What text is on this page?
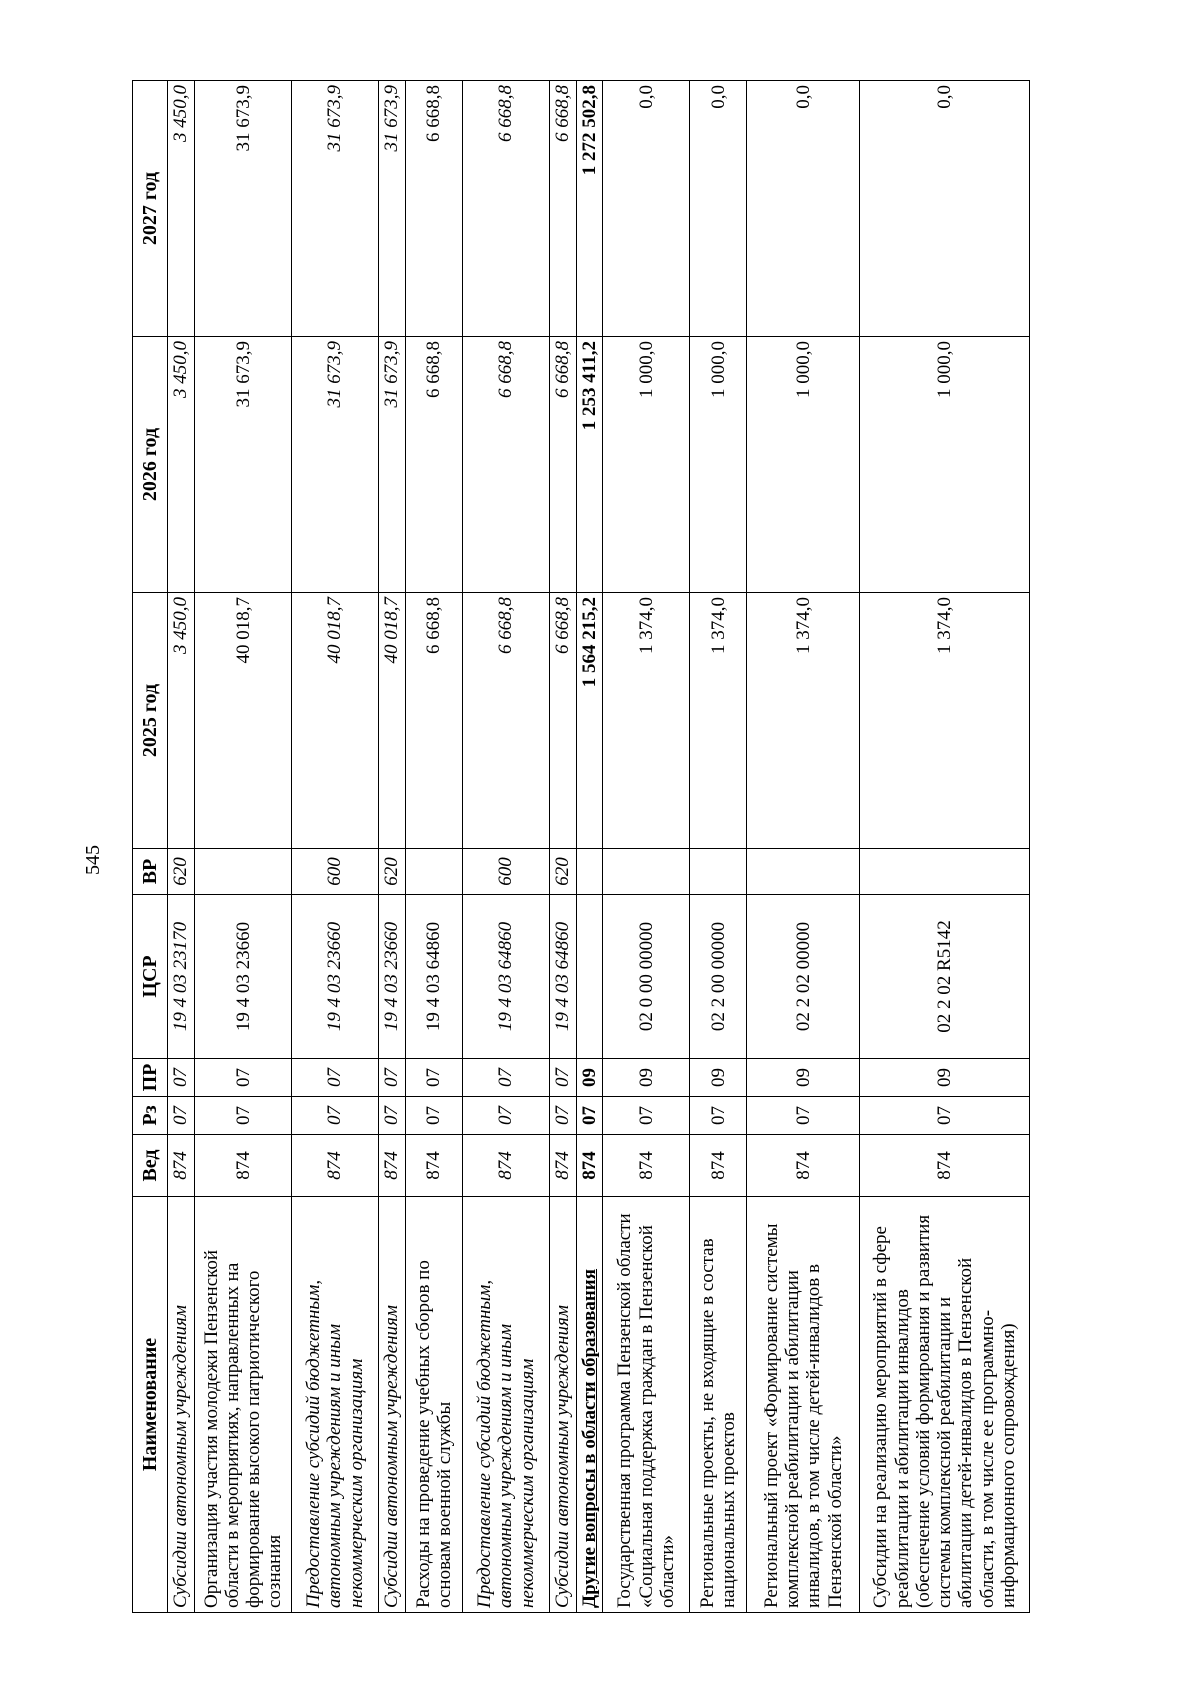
545
Наименование	Вед	Рз	ПР	ЦСР	ВР	2025 год	2026 год	2027 год
Субсидии автономным учреждениям	874	07	07	19 4 03 23170	620	3 450,0	3 450,0	3 450,0
Организация участия молодежи Пензенской области в мероприятиях, направленных на формирование высокого патриотического сознания	874	07	07	19 4 03 23660		40 018,7	31 673,9	31 673,9
Предоставление субсидий бюджетным, автономным учреждениям и иным некоммерческим организациям	874	07	07	19 4 03 23660	600	40 018,7	31 673,9	31 673,9
Субсидии автономным учреждениям	874	07	07	19 4 03 23660	620	40 018,7	31 673,9	31 673,9
Расходы на проведение учебных сборов по основам военной службы	874	07	07	19 4 03 64860		6 668,8	6 668,8	6 668,8
Предоставление субсидий бюджетным, автономным учреждениям и иным некоммерческим организациям	874	07	07	19 4 03 64860	600	6 668,8	6 668,8	6 668,8
Субсидии автономным учреждениям	874	07	07	19 4 03 64860	620	6 668,8	6 668,8	6 668,8
Другие вопросы в области образования	874	07	09			1 564 215,2	1 253 411,2	1 272 502,8
Государственная программа Пензенской области «Социальная поддержка граждан в Пензенской области»	874	07	09	02 0 00 00000		1 374,0	1 000,0	0,0
Региональные проекты, не входящие в состав национальных проектов	874	07	09	02 2 00 00000		1 374,0	1 000,0	0,0
Региональный проект «Формирование системы комплексной реабилитации и абилитации инвалидов, в том числе детей-инвалидов в Пензенской области»	874	07	09	02 2 02 00000		1 374,0	1 000,0	0,0
Субсидии на реализацию мероприятий в сфере реабилитации и абилитации инвалидов (обеспечение условий формирования и развития системы комплексной реабилитации и абилитации детей-инвалидов в Пензенской области, в том числе ее программно-информационного сопровождения)	874	07	09	02 2 02 R5142		1 374,0	1 000,0	0,0
